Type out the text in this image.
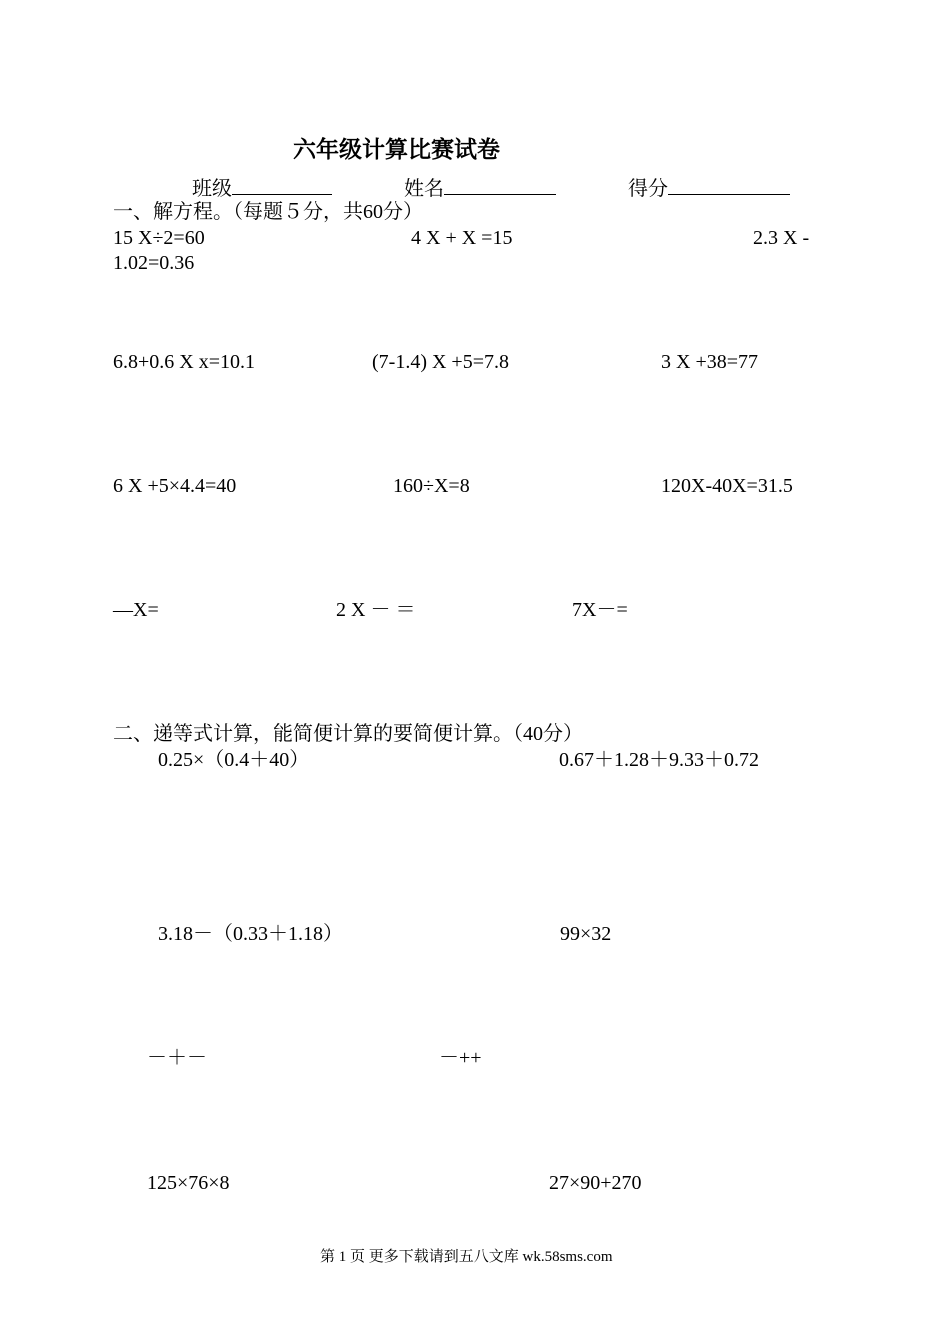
六年级计算比赛试卷
班级	姓名	得分
一、解方程。（每题５分，共60分）
15 X÷2=60	4 X + X =15	2.3 X -
1.02=0.36
6.8+0.6 X x=10.1	(7-1.4) X +5=7.8	3 X +38=77
6 X +5×4.4=40	160÷X=8	120X-40X=31.5
—X=	2 X － ＝	7X－=
二、递等式计算，能简便计算的要简便计算。（40分）
0.25×（0.4＋40）	0.67＋1.28＋9.33＋0.72
3.18－（0.33＋1.18）	99×32
－＋－	－++
125×76×8	27×90+270
第 1 页 更多下载请到五八文库 wk.58sms.com
